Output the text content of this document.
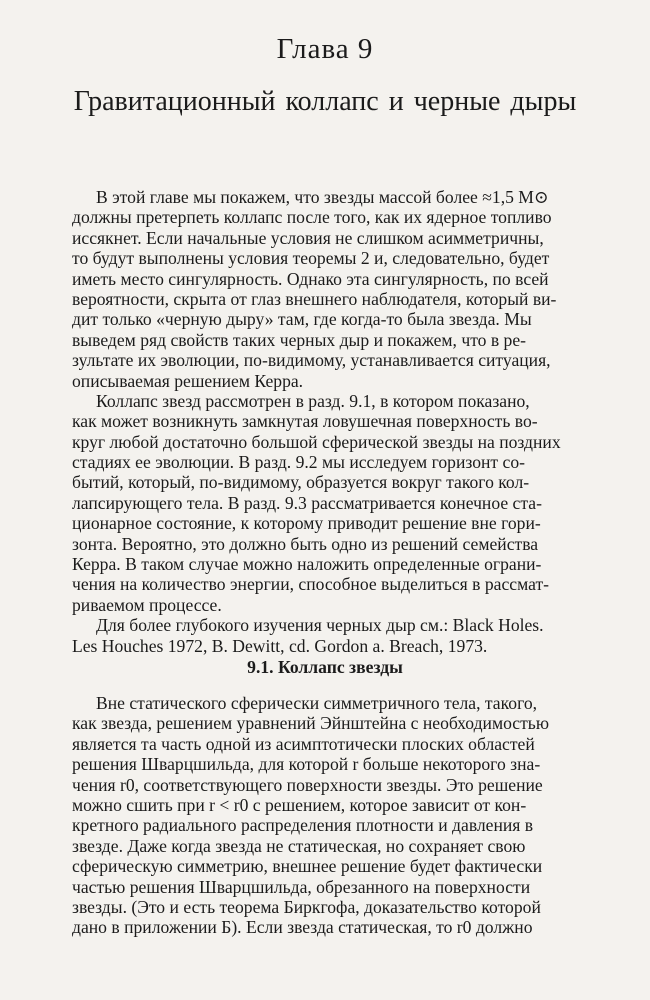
Глава 9
Гравитационный коллапс и черные дыры
В этой главе мы покажем, что звезды массой более ≈1,5 M⊙
должны претерпеть коллапс после того, как их ядерное топливо
иссякнет. Если начальные условия не слишком асимметричны,
то будут выполнены условия теоремы 2 и, следовательно, будет
иметь место сингулярность. Однако эта сингулярность, по всей
вероятности, скрыта от глаз внешнего наблюдателя, который ви-
дит только «черную дыру» там, где когда-то была звезда. Мы
выведем ряд свойств таких черных дыр и покажем, что в ре-
зультате их эволюции, по-видимому, устанавливается ситуация,
описываемая решением Керра.
Коллапс звезд рассмотрен в разд. 9.1, в котором показано,
как может возникнуть замкнутая ловушечная поверхность во-
круг любой достаточно большой сферической звезды на поздних
стадиях ее эволюции. В разд. 9.2 мы исследуем горизонт со-
бытий, который, по-видимому, образуется вокруг такого кол-
лапсирующего тела. В разд. 9.3 рассматривается конечное ста-
ционарное состояние, к которому приводит решение вне гори-
зонта. Вероятно, это должно быть одно из решений семейства
Керра. В таком случае можно наложить определенные ограни-
чения на количество энергии, способное выделиться в рассмат-
риваемом процессе.
Для более глубокого изучения черных дыр см.: Black Holes.
Les Houches 1972, B. Dewitt, cd. Gordon a. Breach, 1973.
9.1. Коллапс звезды
Вне статического сферически симметричного тела, такого,
как звезда, решением уравнений Эйнштейна с необходимостью
является та часть одной из асимптотически плоских областей
решения Шварцшильда, для которой r больше некоторого зна-
чения r0, соответствующего поверхности звезды. Это решение
можно сшить при r < r0 с решением, которое зависит от кон-
кретного радиального распределения плотности и давления в
звезде. Даже когда звезда не статическая, но сохраняет свою
сферическую симметрию, внешнее решение будет фактически
частью решения Шварцшильда, обрезанного на поверхности
звезды. (Это и есть теорема Биркгофа, доказательство которой
дано в приложении Б). Если звезда статическая, то r0 должно
